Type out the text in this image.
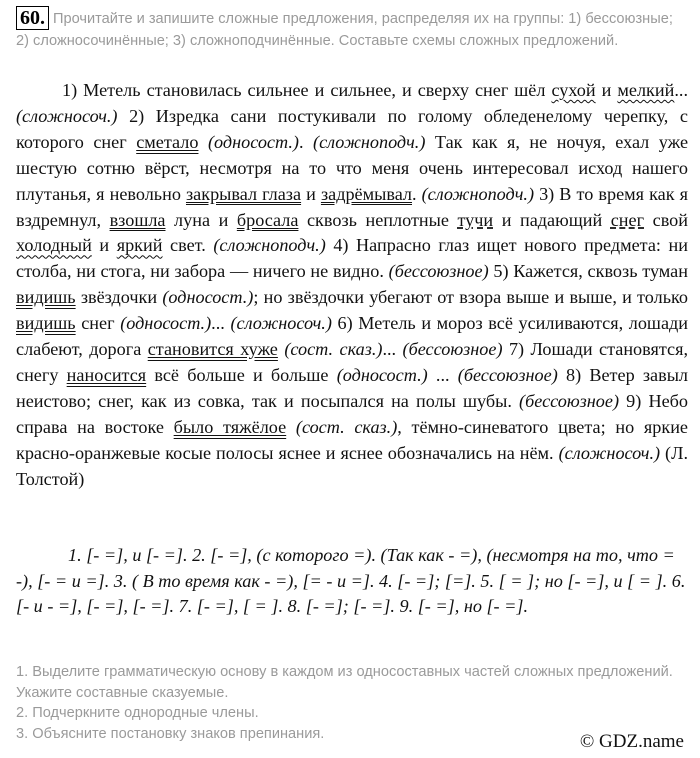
60. Прочитайте и запишите сложные предложения, распределяя их на группы: 1) бессоюзные; 2) сложносочинённые; 3) сложноподчинённые. Составьте схемы сложных предложений.

1) Метель становилась сильнее и сильнее, и сверху снег шёл сухой и мелкий... (сложносоч.) 2) Изредка сани постукивали по голому обледенелому черепку, с которого снег сметало (односост.). (сложноподч.) Так как я, не ночуя, ехал уже шестую сотню вёрст, несмотря на то что меня очень интересовал исход нашего плутанья, я невольно закрывал глаза и задрёмывал. (сложноподч.) 3) В то время как я вздремнул, взошла луна и бросала сквозь неплотные тучи и падающий снег свой холодный и яркий свет. (сложноподч.) 4) Напрасно глаз ищет нового предмета: ни столба, ни стога, ни забора — ничего не видно. (бессоюзное) 5) Кажется, сквозь туман видишь звёздочки (односост.); но звёздочки убегают от взора выше и выше, и только видишь снег (односост.)... (сложносоч.) 6) Метель и мороз всё усиливаются, лошади слабеют, дорога становится хуже (сост. сказ.)... (бессоюзное) 7) Лошади становятся, снегу наносится всё больше и больше (односост.) ... (бессоюзное) 8) Ветер завыл неистово; снег, как из совка, так и посыпался на полы шубы. (бессоюзное) 9) Небо справа на востоке было тяжёлое (сост. сказ.), тёмно-синеватого цвета; но яркие красно-оранжевые косые полосы яснее и яснее обозначались на нём. (сложносоч.) (Л. Толстой)

1. [- =], и [- =]. 2. [- =], (с которого =). (Так как - =), (несмотря на то, что = -), [- = и =]. 3. ( В то время как - =), [= - и =]. 4. [- =]; [=]. 5. [ = ]; но [- =], и [ = ]. 6. [- и - =], [- =], [- =]. 7. [- =], [ = ]. 8. [- =]; [- =]. 9. [- =], но [- =].

1. Выделите грамматическую основу в каждом из односоставных частей сложных предложений. Укажите составные сказуемые.
2. Подчеркните однородные члены.
3. Объясните постановку знаков препинания.	© GDZ.name
